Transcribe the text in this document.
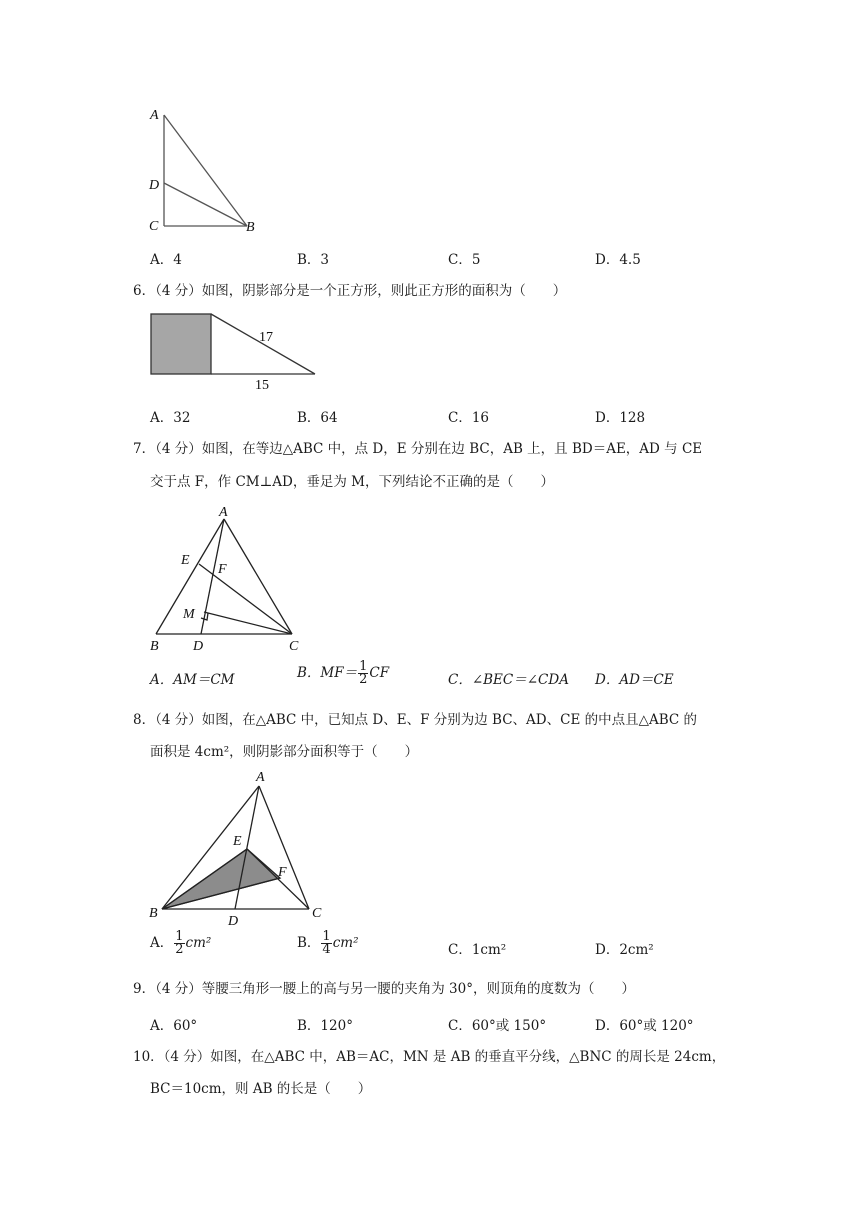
A
D
C	B
A．4	B．3	C．5	D．4.5
6．（4 分）如图，阴影部分是一个正方形，则此正方形的面积为（　　）
17
15
A．32	B．64	C．16	D．128
7．（4 分）如图，在等边△ABC 中，点 D，E 分别在边 BC，AB 上，且 BD＝AE，AD 与 CE
交于点 F，作 CM⊥AD，垂足为 M，下列结论不正确的是（　　）
A
E
F
M
B D	C
A．AM＝CM	B．$MF= \frac{1}{2}$ CF	C．∠BEC＝∠CDA D．AD＝CE
8．（4 分）如图，在△ABC 中，已知点 D、E、F 分别为边 BC、AD、CE 的中点且△ABC 的
面积是 4cm²，则阴影部分面积等于（　　）
A
E
F
B
D
C
A． $\frac{1}{2} cm^2$	B． $\frac{1}{4} cm^2$	C．1cm²	D．2cm²
9．（4 分）等腰三角形一腰上的高与另一腰的夹角为 30°，则顶角的度数为（　　）
A．60°	B．120°	C．60°或 150°	D．60°或 120°
10．（4 分）如图，在△ABC 中，AB＝AC，MN 是 AB 的垂直平分线，△BNC 的周长是 24cm，
BC＝10cm，则 AB 的长是（　　）
